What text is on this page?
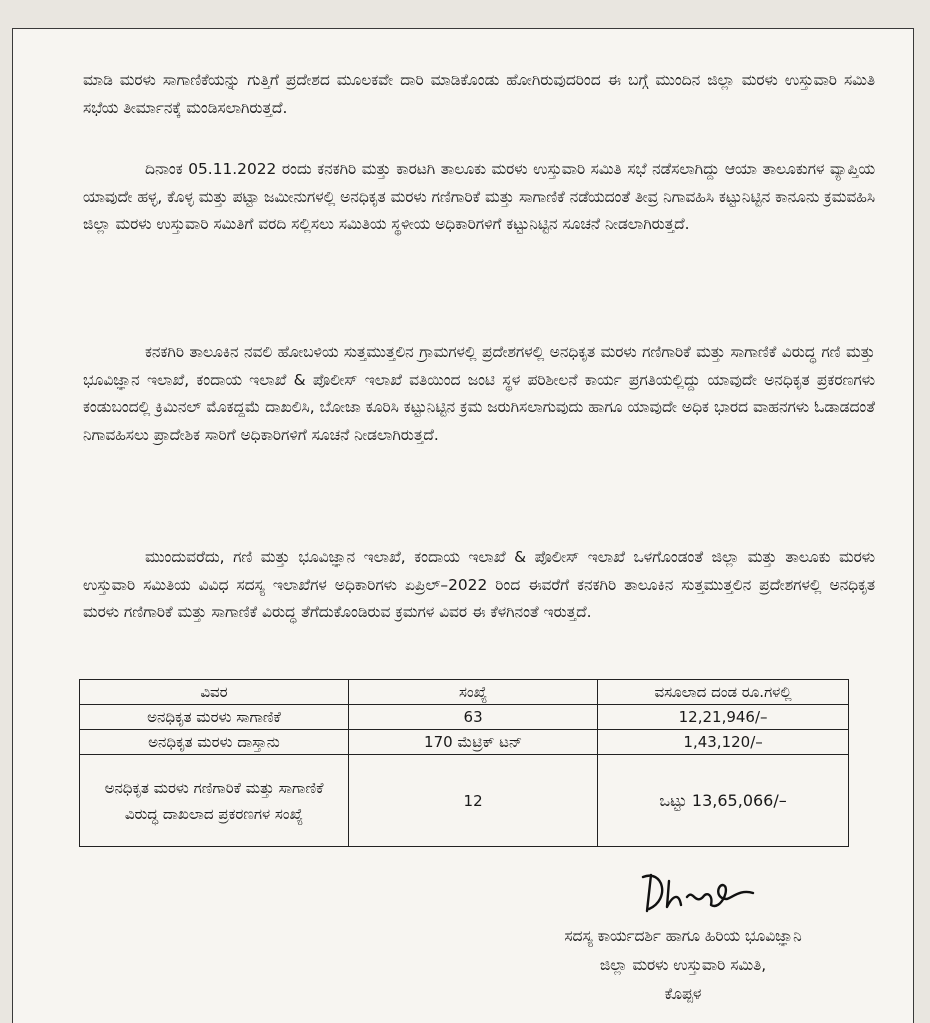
ಮಾಡಿ ಮರಳು ಸಾಗಾಣಿಕೆಯನ್ನು ಗುತ್ತಿಗೆ ಪ್ರದೇಶದ ಮೂಲಕವೇ ದಾರಿ ಮಾಡಿಕೊಂಡು ಹೋಗಿರುವುದರಿಂದ ಈ ಬಗ್ಗೆ ಮುಂದಿನ ಜಿಲ್ಲಾ ಮರಳು ಉಸ್ತುವಾರಿ ಸಮಿತಿ ಸಭೆಯ ತೀರ್ಮಾನಕ್ಕೆ ಮಂಡಿಸಲಾಗಿರುತ್ತದೆ.

ದಿನಾಂಕ 05.11.2022 ರಂದು ಕನಕಗಿರಿ ಮತ್ತು ಕಾರಟಗಿ ತಾಲೂಕು ಮರಳು ಉಸ್ತುವಾರಿ ಸಮಿತಿ ಸಭೆ ನಡೆಸಲಾಗಿದ್ದು ಆಯಾ ತಾಲೂಕುಗಳ ವ್ಯಾಪ್ತಿಯ ಯಾವುದೇ ಹಳ್ಳ, ಕೊಳ್ಳ ಮತ್ತು ಪಟ್ಟಾ ಜಮೀನುಗಳಲ್ಲಿ ಅನಧಿಕೃತ ಮರಳು ಗಣಿಗಾರಿಕೆ ಮತ್ತು ಸಾಗಾಣಿಕೆ ನಡೆಯದಂತೆ ತೀವ್ರ ನಿಗಾವಹಿಸಿ ಕಟ್ಟುನಿಟ್ಟಿನ ಕಾನೂನು ಕ್ರಮವಹಿಸಿ ಜಿಲ್ಲಾ ಮರಳು ಉಸ್ತುವಾರಿ ಸಮಿತಿಗೆ ವರದಿ ಸಲ್ಲಿಸಲು ಸಮಿತಿಯ ಸ್ಥಳೀಯ ಅಧಿಕಾರಿಗಳಿಗೆ ಕಟ್ಟುನಿಟ್ಟಿನ ಸೂಚನೆ ನೀಡಲಾಗಿರುತ್ತದೆ.

ಕನಕಗಿರಿ ತಾಲೂಕಿನ ನವಲಿ ಹೋಬಳಿಯ ಸುತ್ತಮುತ್ತಲಿನ ಗ್ರಾಮಗಳಲ್ಲಿ ಪ್ರದೇಶಗಳಲ್ಲಿ ಅನಧಿಕೃತ ಮರಳು ಗಣಿಗಾರಿಕೆ ಮತ್ತು ಸಾಗಾಣಿಕೆ ವಿರುದ್ಧ ಗಣಿ ಮತ್ತು ಭೂವಿಜ್ಞಾನ ಇಲಾಖೆ, ಕಂದಾಯ ಇಲಾಖೆ & ಪೊಲೀಸ್ ಇಲಾಖೆ ವತಿಯಿಂದ ಜಂಟಿ ಸ್ಥಳ ಪರಿಶೀಲನೆ ಕಾರ್ಯ ಪ್ರಗತಿಯಲ್ಲಿದ್ದು ಯಾವುದೇ ಅನಧಿಕೃತ ಪ್ರಕರಣಗಳು ಕಂಡುಬಂದಲ್ಲಿ ಕ್ರಿಮಿನಲ್ ಮೊಕದ್ದಮೆ ದಾಖಲಿಸಿ, ಬೋಜಾ ಕೂರಿಸಿ ಕಟ್ಟುನಿಟ್ಟಿನ ಕ್ರಮ ಜರುಗಿಸಲಾಗುವುದು ಹಾಗೂ ಯಾವುದೇ ಅಧಿಕ ಭಾರದ ವಾಹನಗಳು ಓಡಾಡದಂತೆ ನಿಗಾವಹಿಸಲು ಪ್ರಾದೇಶಿಕ ಸಾರಿಗೆ ಅಧಿಕಾರಿಗಳಿಗೆ ಸೂಚನೆ ನೀಡಲಾಗಿರುತ್ತದೆ.

ಮುಂದುವರೆದು, ಗಣಿ ಮತ್ತು ಭೂವಿಜ್ಞಾನ ಇಲಾಖೆ, ಕಂದಾಯ ಇಲಾಖೆ & ಪೊಲೀಸ್ ಇಲಾಖೆ ಒಳಗೊಂಡಂತೆ ಜಿಲ್ಲಾ ಮತ್ತು ತಾಲೂಕು ಮರಳು ಉಸ್ತುವಾರಿ ಸಮಿತಿಯ ವಿವಿಧ ಸದಸ್ಯ ಇಲಾಖೆಗಳ ಅಧಿಕಾರಿಗಳು ಏಪ್ರಿಲ್–2022 ರಿಂದ ಈವರೆಗೆ ಕನಕಗಿರಿ ತಾಲೂಕಿನ ಸುತ್ತಮುತ್ತಲಿನ ಪ್ರದೇಶಗಳಲ್ಲಿ ಅನಧಿಕೃತ ಮರಳು ಗಣಿಗಾರಿಕೆ ಮತ್ತು ಸಾಗಾಣಿಕೆ ವಿರುದ್ಧ ತೆಗೆದುಕೊಂಡಿರುವ ಕ್ರಮಗಳ ವಿವರ ಈ ಕೆಳಗಿನಂತೆ ಇರುತ್ತದೆ.

ವಿವರ	ಸಂಖ್ಯೆ	ವಸೂಲಾದ ದಂಡ ರೂ.ಗಳಲ್ಲಿ
ಅನಧಿಕೃತ ಮರಳು ಸಾಗಾಣಿಕೆ	63	12,21,946/–
ಅನಧಿಕೃತ ಮರಳು ದಾಸ್ತಾನು	170 ಮೆಟ್ರಿಕ್ ಟನ್	1,43,120/–
ಅನಧಿಕೃತ ಮರಳು ಗಣಿಗಾರಿಕೆ ಮತ್ತು ಸಾಗಾಣಿಕೆ ವಿರುದ್ಧ ದಾಖಲಾದ ಪ್ರಕರಣಗಳ ಸಂಖ್ಯೆ	12	ಒಟ್ಟು 13,65,066/–
ಸದಸ್ಯ ಕಾರ್ಯದರ್ಶಿ ಹಾಗೂ ಹಿರಿಯ ಭೂವಿಜ್ಞಾನಿ
ಜಿಲ್ಲಾ ಮರಳು ಉಸ್ತುವಾರಿ ಸಮಿತಿ,
ಕೊಪ್ಪಳ
